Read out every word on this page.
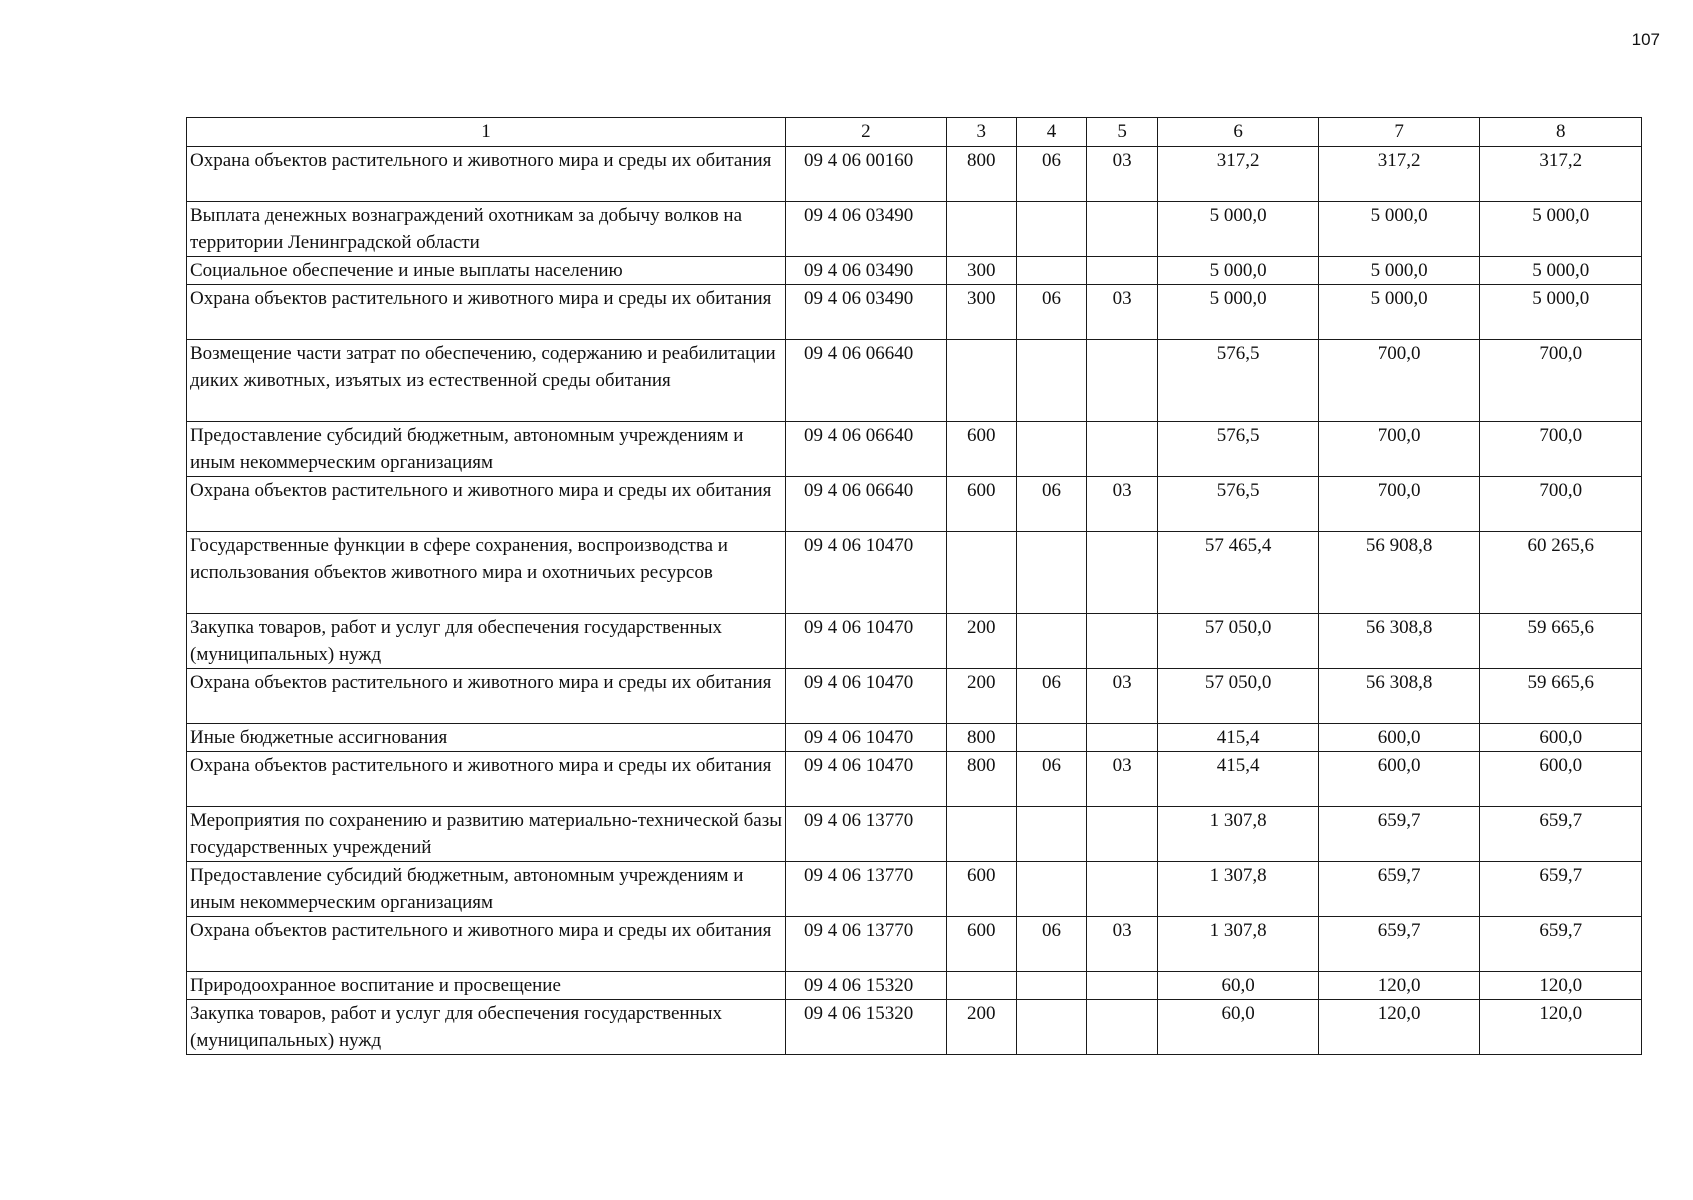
107
1	2	3	4	5	6	7	8
Охрана объектов растительного и животного мира и среды их обитания	09 4 06 00160	800	06	03	317,2	317,2	317,2
Выплата денежных вознаграждений охотникам за добычу волков на территории Ленинградской области	09 4 06 03490				5 000,0	5 000,0	5 000,0
Социальное обеспечение и иные выплаты населению	09 4 06 03490	300			5 000,0	5 000,0	5 000,0
Охрана объектов растительного и животного мира и среды их обитания	09 4 06 03490	300	06	03	5 000,0	5 000,0	5 000,0
Возмещение части затрат по обеспечению, содержанию и реабилитации диких животных, изъятых из естественной среды обитания	09 4 06 06640				576,5	700,0	700,0
Предоставление субсидий бюджетным, автономным учреждениям и иным некоммерческим организациям	09 4 06 06640	600			576,5	700,0	700,0
Охрана объектов растительного и животного мира и среды их обитания	09 4 06 06640	600	06	03	576,5	700,0	700,0
Государственные функции в сфере сохранения, воспроизводства и использования объектов животного мира и охотничьих ресурсов	09 4 06 10470				57 465,4	56 908,8	60 265,6
Закупка товаров, работ и услуг для обеспечения государственных (муниципальных) нужд	09 4 06 10470	200			57 050,0	56 308,8	59 665,6
Охрана объектов растительного и животного мира и среды их обитания	09 4 06 10470	200	06	03	57 050,0	56 308,8	59 665,6
Иные бюджетные ассигнования	09 4 06 10470	800			415,4	600,0	600,0
Охрана объектов растительного и животного мира и среды их обитания	09 4 06 10470	800	06	03	415,4	600,0	600,0
Мероприятия по сохранению и развитию материально-технической базы государственных учреждений	09 4 06 13770				1 307,8	659,7	659,7
Предоставление субсидий бюджетным, автономным учреждениям и иным некоммерческим организациям	09 4 06 13770	600			1 307,8	659,7	659,7
Охрана объектов растительного и животного мира и среды их обитания	09 4 06 13770	600	06	03	1 307,8	659,7	659,7
Природоохранное воспитание и просвещение	09 4 06 15320				60,0	120,0	120,0
Закупка товаров, работ и услуг для обеспечения государственных (муниципальных) нужд	09 4 06 15320	200			60,0	120,0	120,0
